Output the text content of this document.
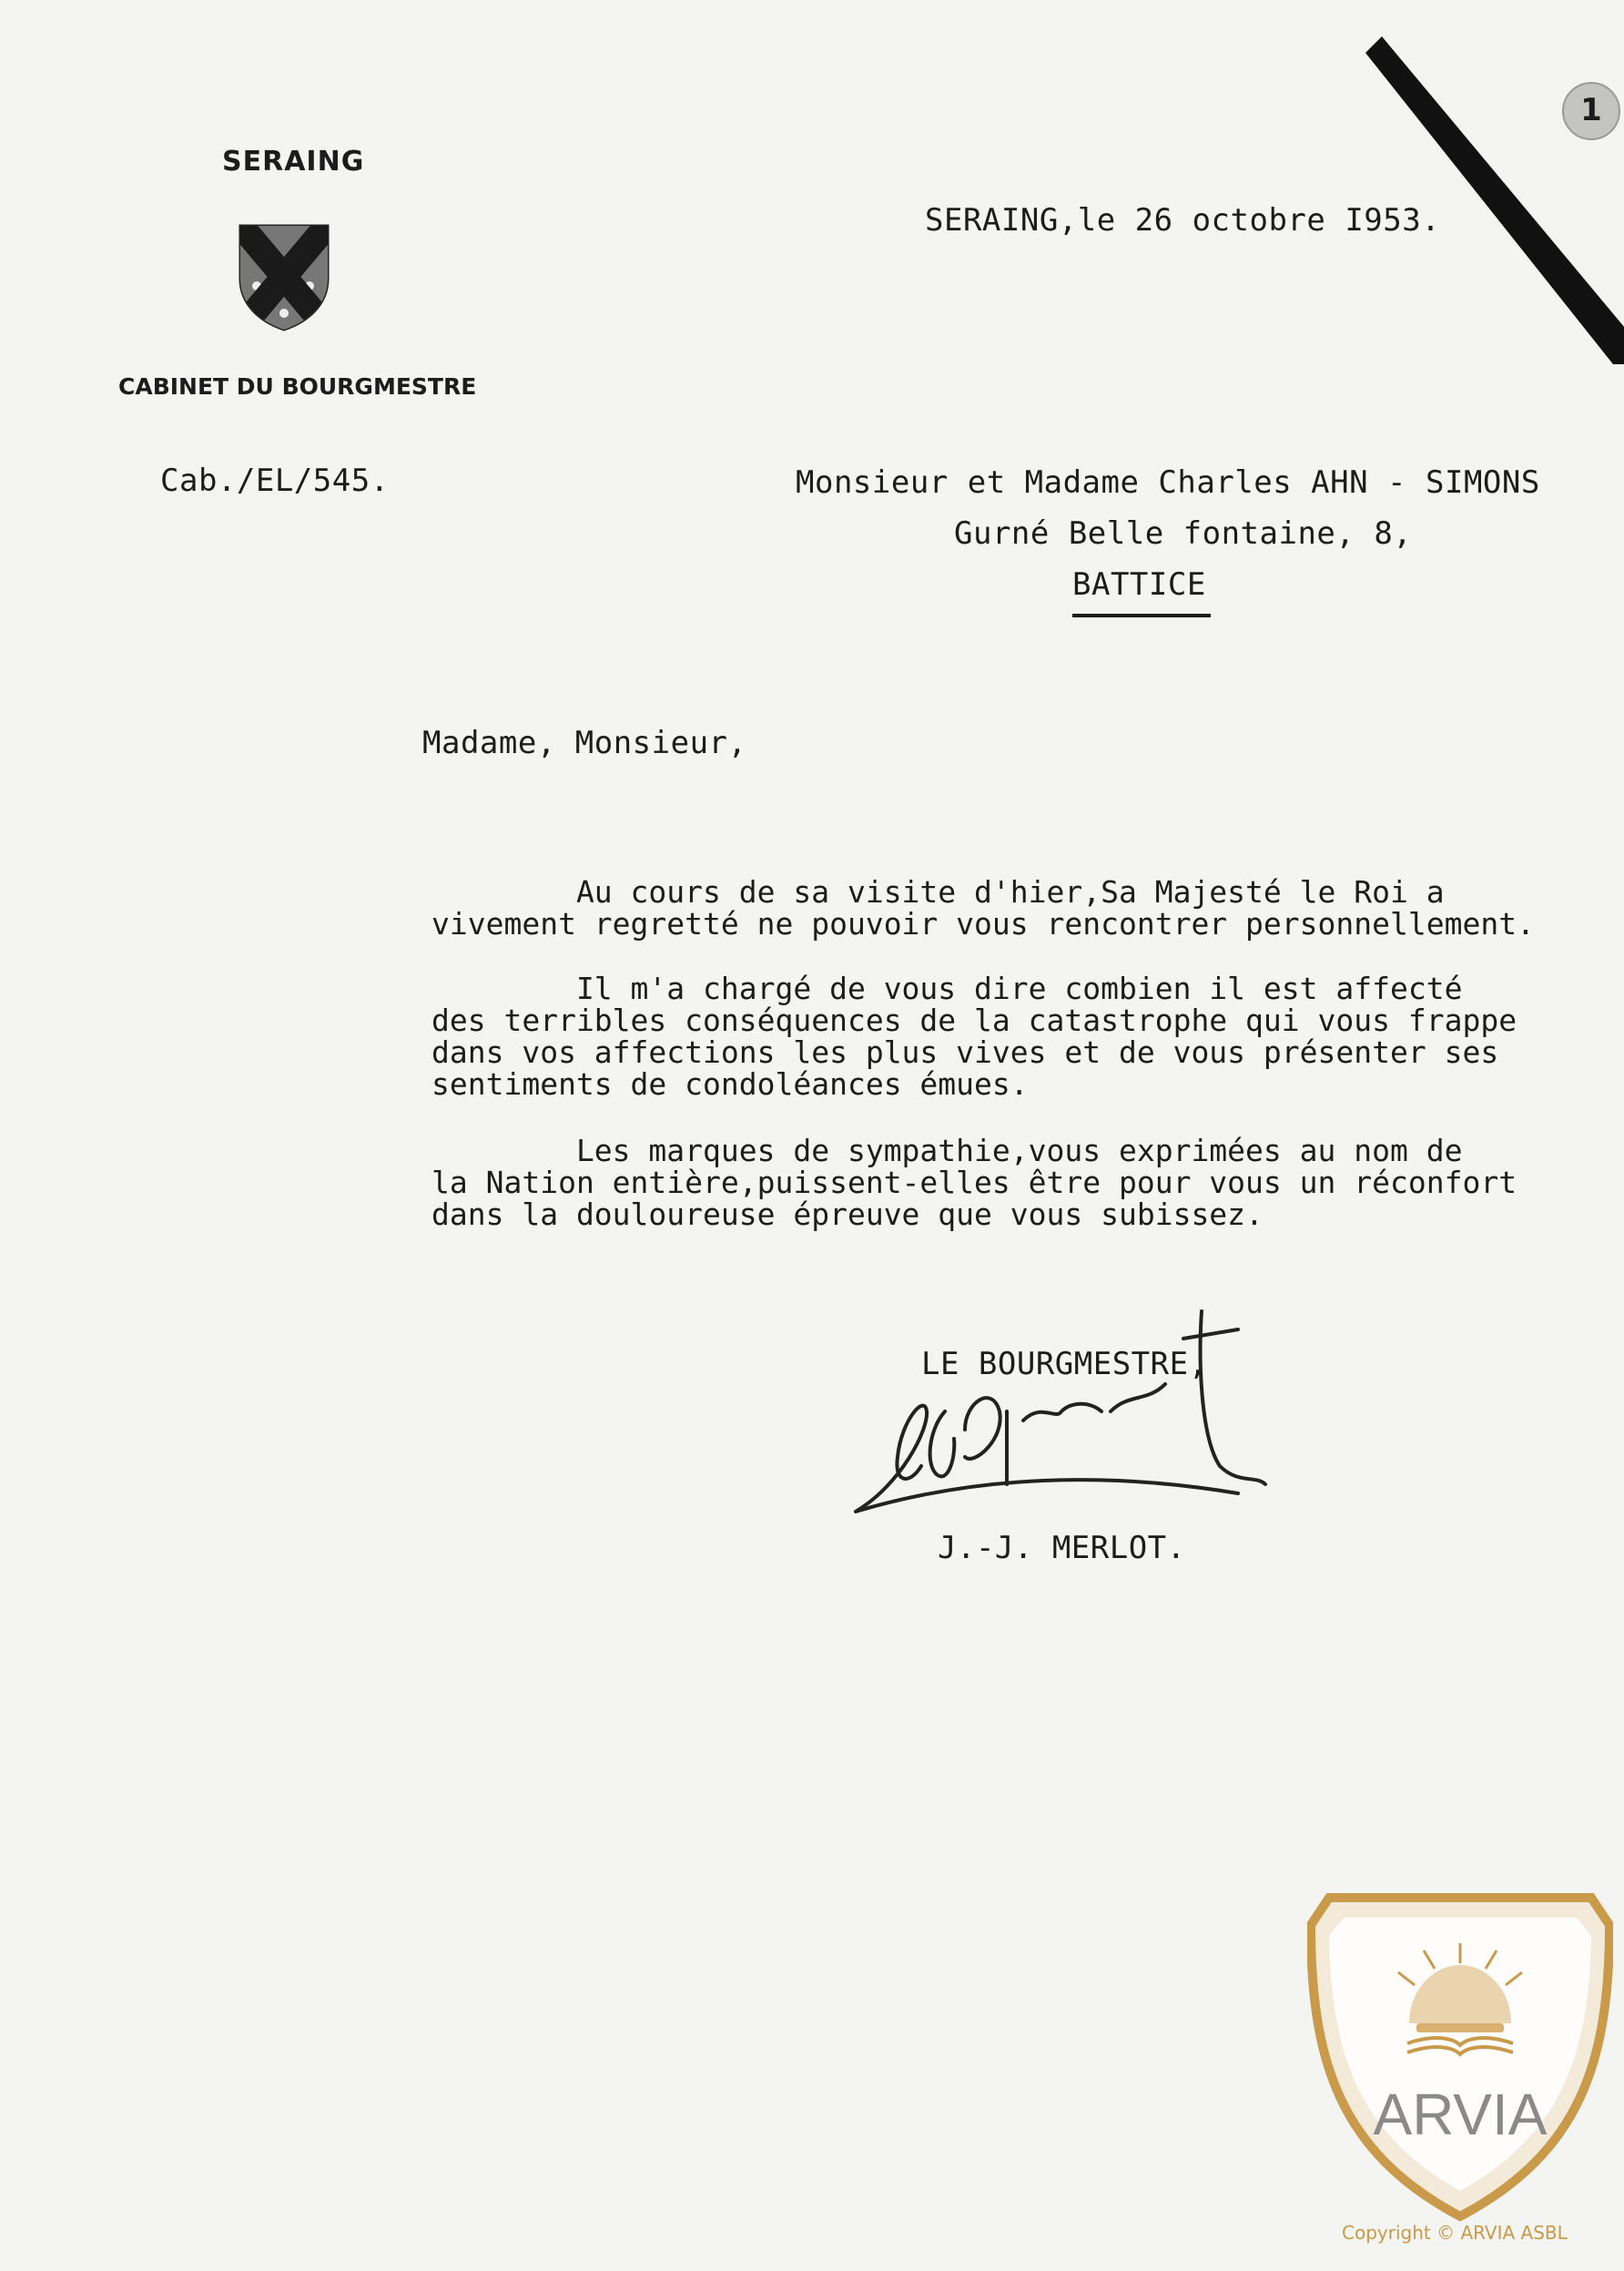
SERAING
CABINET DU BOURGMESTRE
Cab./EL/545.
SERAING,le 26 octobre I953.
1
Monsieur et Madame Charles AHN - SIMONS
Gurné Belle fontaine, 8,
BATTICE
Madame, Monsieur,
Au cours de sa visite d'hier,Sa Majesté le Roi a
vivement regretté ne pouvoir vous rencontrer personnellement.
Il m'a chargé de vous dire combien il est affecté
des terribles conséquences de la catastrophe qui vous frappe
dans vos affections les plus vives et de vous présenter ses
sentiments de condoléances émues.
Les marques de sympathie,vous exprimées au nom de
la Nation entière,puissent-elles être pour vous un réconfort
dans la douloureuse épreuve que vous subissez.
LE BOURGMESTRE,
J.-J. MERLOT.
ARVIA
Copyright © ARVIA ASBL
